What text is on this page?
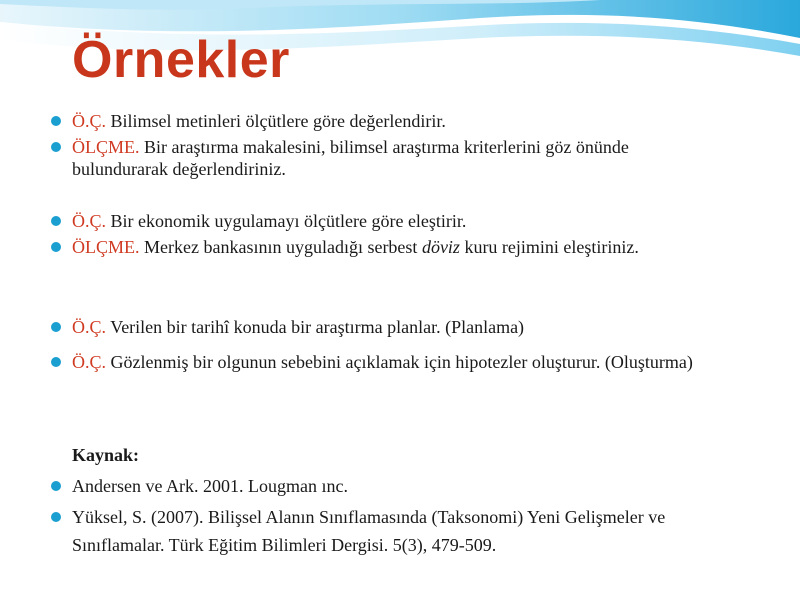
Örnekler
Ö.Ç. Bilimsel metinleri ölçütlere göre değerlendirir.
ÖLÇME. Bir araştırma makalesini, bilimsel araştırma kriterlerini göz önünde bulundurarak değerlendiriniz.
Ö.Ç. Bir ekonomik uygulamayı ölçütlere göre eleştirir.
ÖLÇME. Merkez bankasının uyguladığı serbest döviz kuru rejimini eleştiriniz.
Ö.Ç. Verilen bir tarihî konuda bir araştırma planlar. (Planlama)
Ö.Ç. Gözlenmiş bir olgunun sebebini açıklamak için hipotezler oluşturur. (Oluşturma)
Kaynak:
Andersen ve Ark. 2001. Lougman ınc.
Yüksel, S. (2007). Bilişsel Alanın Sınıflamasında (Taksonomi) Yeni Gelişmeler ve Sınıflamalar. Türk Eğitim Bilimleri Dergisi. 5(3), 479-509.
